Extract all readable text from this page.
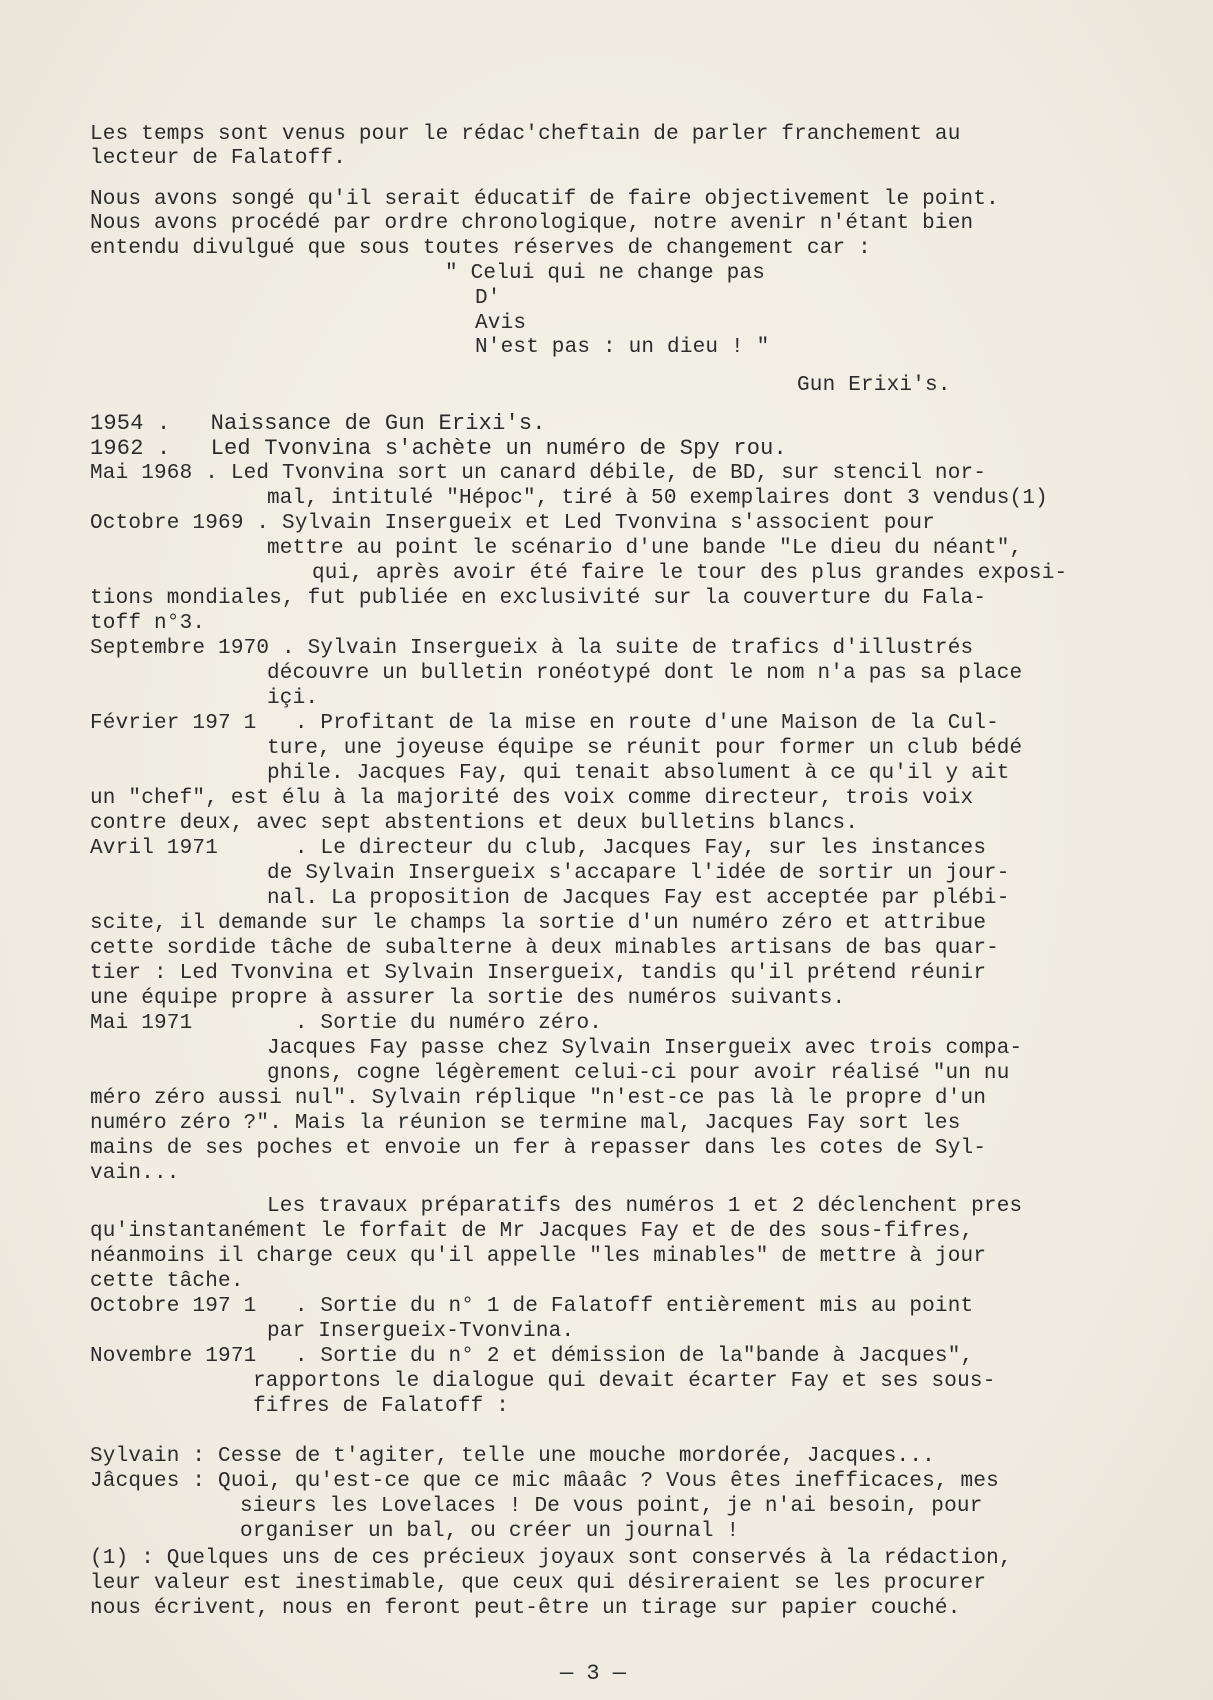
Les temps sont venus pour le rédac'cheftain de parler franchement au
lecteur de Falatoff.
Nous avons songé qu'il serait éducatif de faire objectivement le point.
Nous avons procédé par ordre chronologique, notre avenir n'étant bien
entendu divulgué que sous toutes réserves de changement car :
" Celui qui ne change pas
D'
Avis
N'est pas : un dieu ! "
Gun Erixi's.
1954 .   Naissance de Gun Erixi's.
1962 .   Led Tvonvina s'achète un numéro de Spy rou.
Mai 1968 . Led Tvonvina sort un canard débile, de BD, sur stencil nor-
mal, intitulé "Hépoc", tiré à 50 exemplaires dont 3 vendus(1)
Octobre 1969 . Sylvain Insergueix et Led Tvonvina s'associent pour
mettre au point le scénario d'une bande "Le dieu du néant",
qui, après avoir été faire le tour des plus grandes exposi-
tions mondiales, fut publiée en exclusivité sur la couverture du Fala-
toff n°3.
Septembre 1970 . Sylvain Insergueix à la suite de trafics d'illustrés
découvre un bulletin ronéotypé dont le nom n'a pas sa place
içi.
Février 197 1   . Profitant de la mise en route d'une Maison de la Cul-
ture, une joyeuse équipe se réunit pour former un club bédé
phile. Jacques Fay, qui tenait absolument à ce qu'il y ait
un "chef", est élu à la majorité des voix comme directeur, trois voix
contre deux, avec sept abstentions et deux bulletins blancs.
Avril 1971      . Le directeur du club, Jacques Fay, sur les instances
de Sylvain Insergueix s'accapare l'idée de sortir un jour-
nal. La proposition de Jacques Fay est acceptée par plébi-
scite, il demande sur le champs la sortie d'un numéro zéro et attribue
cette sordide tâche de subalterne à deux minables artisans de bas quar-
tier : Led Tvonvina et Sylvain Insergueix, tandis qu'il prétend réunir
une équipe propre à assurer la sortie des numéros suivants.
Mai 1971        . Sortie du numéro zéro.
Jacques Fay passe chez Sylvain Insergueix avec trois compa-
gnons, cogne légèrement celui-ci pour avoir réalisé "un nu
méro zéro aussi nul". Sylvain réplique "n'est-ce pas là le propre d'un
numéro zéro ?". Mais la réunion se termine mal, Jacques Fay sort les
mains de ses poches et envoie un fer à repasser dans les cotes de Syl-
vain...
Les travaux préparatifs des numéros 1 et 2 déclenchent pres
qu'instantanément le forfait de Mr Jacques Fay et de des sous-fifres,
néanmoins il charge ceux qu'il appelle "les minables" de mettre à jour
cette tâche.
Octobre 197 1   . Sortie du n° 1 de Falatoff entièrement mis au point
par Insergueix-Tvonvina.
Novembre 1971   . Sortie du n° 2 et démission de la"bande à Jacques",
rapportons le dialogue qui devait écarter Fay et ses sous-
fifres de Falatoff :
Sylvain : Cesse de t'agiter, telle une mouche mordorée, Jacques...
Jâcques : Quoi, qu'est-ce que ce mic mâaâc ? Vous êtes inefficaces, mes
sieurs les Lovelaces ! De vous point, je n'ai besoin, pour
organiser un bal, ou créer un journal !
(1) : Quelques uns de ces précieux joyaux sont conservés à la rédaction,
leur valeur est inestimable, que ceux qui désireraient se les procurer
nous écrivent, nous en feront peut-être un tirage sur papier couché.
— 3 —
